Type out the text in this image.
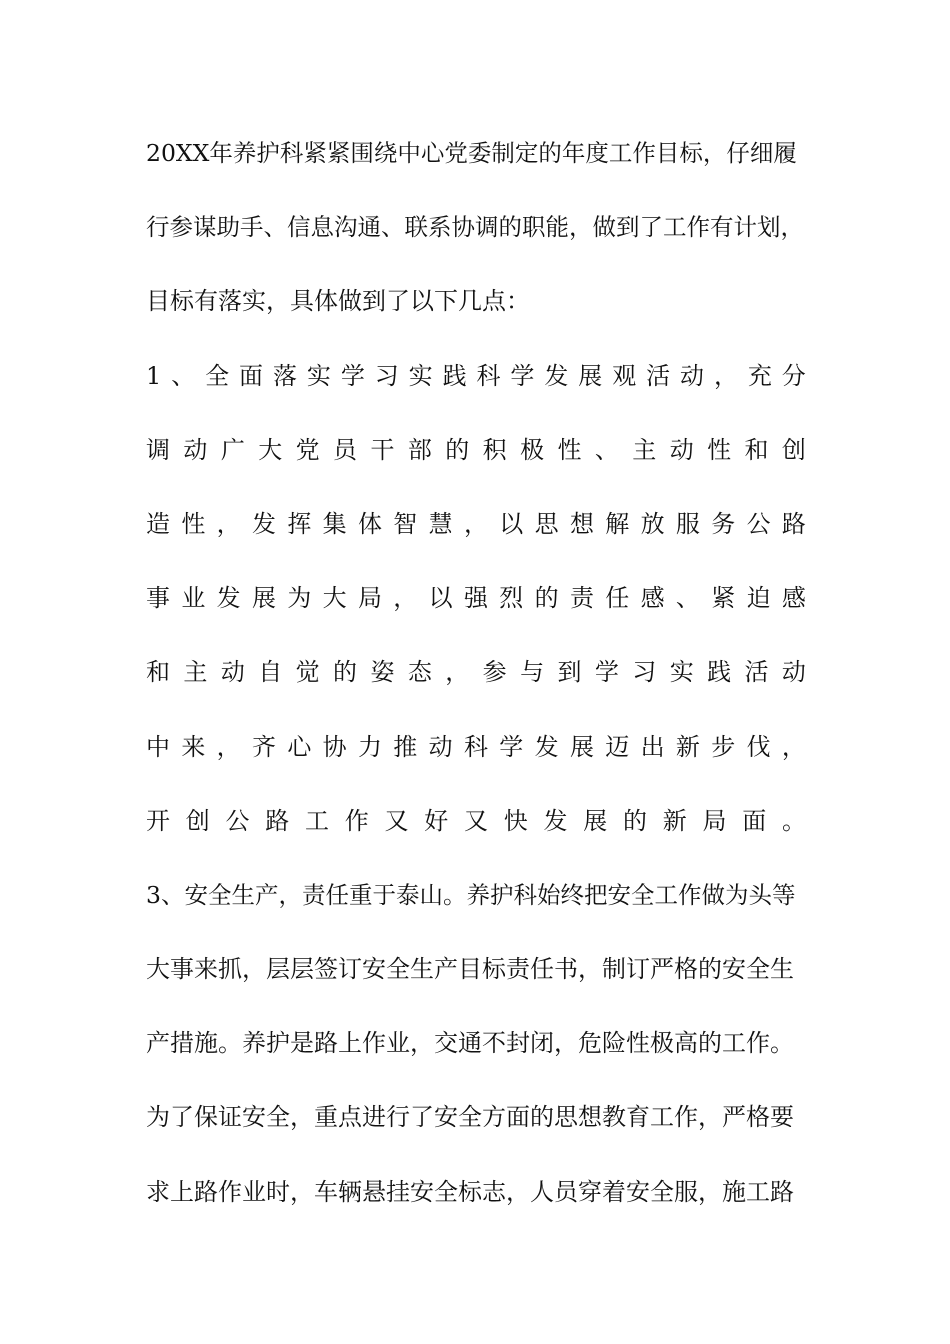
20XX年养护科紧紧围绕中心党委制定的年度工作目标，仔细履
行参谋助手、信息沟通、联系协调的职能，做到了工作有计划，
目标有落实，具体做到了以下几点：
1 、 全 面 落 实 学 习 实 践 科 学 发 展 观 活 动 ， 充 分
调 动 广 大 党 员 干 部 的 积 极 性 、 主 动 性 和 创
造 性 ， 发 挥 集 体 智 慧 ， 以 思 想 解 放 服 务 公 路
事 业 发 展 为 大 局 ， 以 强 烈 的 责 任 感 、 紧 迫 感
和 主 动 自 觉 的 姿 态 ， 参 与 到 学 习 实 践 活 动
中 来 ， 齐 心 协 力 推 动 科 学 发 展 迈 出 新 步 伐 ，
开 创 公 路 工 作 又 好 又 快 发 展 的 新 局 面 。
3、安全生产，责任重于泰山。养护科始终把安全工作做为头等
大事来抓，层层签订安全生产目标责任书，制订严格的安全生
产措施。养护是路上作业，交通不封闭，危险性极高的工作。
为了保证安全，重点进行了安全方面的思想教育工作，严格要
求上路作业时，车辆悬挂安全标志，人员穿着安全服，施工路
